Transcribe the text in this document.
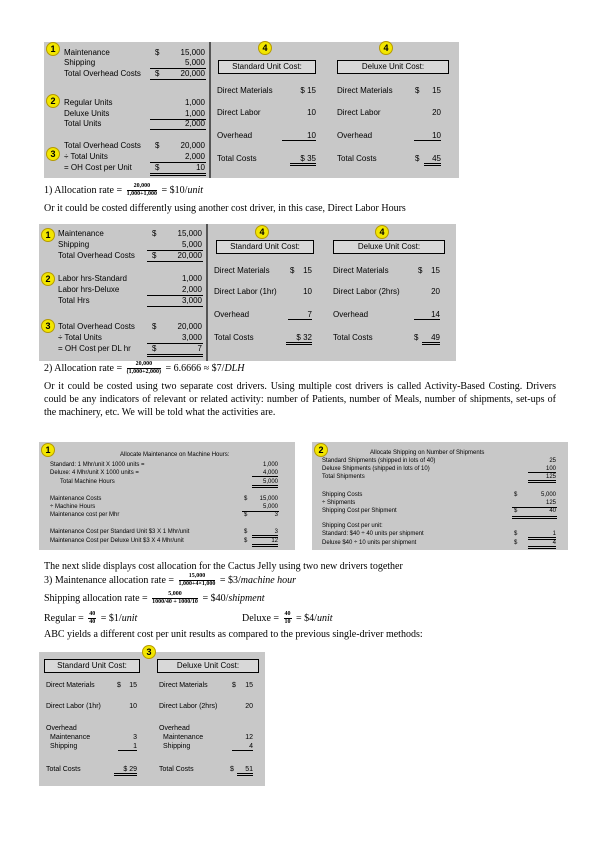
1	Maintenance	$	15,000
Shipping	5,000
Total Overhead Costs $	20,000
2	Regular Units	1,000
Deluxe Units	1,000
Total Units	2,000
3
Total Overhead Costs $	20,000
÷ Total Units	2,000
= OH Cost per Unit	$	10
4	4
Standard Unit Cost:	Deluxe Unit Cost:
Direct Materials	$ 15	Direct Materials	$	15
Direct Labor	10	Direct Labor	20
Overhead	10	Overhead	10
Total Costs	$ 35	Total Costs	$	45
1) Allocation rate = $\frac{20,000}{1,000+1,000}$ = $10/unit
Or it could be costed differently using another cost driver, in this case, Direct Labor Hours
1 Maintenance	$	15,000
Shipping	5,000
Total Overhead Costs $	20,000
2 Labor hrs-Standard	1,000
Labor hrs-Deluxe	2,000
Total Hrs	3,000
3 Total Overhead Costs $	20,000
÷ Total Units	3,000
= OH Cost per DL hr	$	7
4	4
Standard Unit Cost:	Deluxe Unit Cost:
Direct Materials	$	15	Direct Materials	$	15
Direct Labor (1hr)	10	Direct Labor (2hrs)	20
Overhead	7	Overhead	14
Total Costs	$ 32	Total Costs	$	49
2) Allocation rate = $\frac{20,000}{(1,000+2,000)} = 6.6666$ ≈ $7/DLH
Or it could be costed using two separate cost drivers. Using multiple cost drivers is called Activity-Based Costing. Drivers could be any indicators of relevant or related activity: number of Patients, number of Meals, number of shipments, set-ups of the machinery, etc. We will be told what the activities are.
1	Allocate Maintenance on Machine Hours:
Standard: 1 Mhr/unit X 1000 units =	1,000
Deluxe: 4 Mhr/unit X 1000 units =	4,000
Total Machine Hours	5,000
Maintenance Costs	$	15,000
÷ Machine Hours	5,000
Maintenance cost per Mhr	$	3
Maintenance Cost per Standard Unit $3 X 1 Mhr/unit	$	3
Maintenance Cost per Deluxe Unit $3 X 4 Mhr/unit	$	12
2	Allocate Shipping on Number of Shipments
Standard Shipments (shipped in lots of 40)	25
Deluxe Shipments (shipped in lots of 10)	100
Total Shipments	125
Shipping Costs	$	5,000
÷ Shipments	125
Shipping Cost per Shipment	$	40
Shipping Cost per unit:
Standard: $40 ÷ 40 units per shipment	$	1
Deluxe $40 ÷ 10 units per shipment	$	4
The next slide displays cost allocation for the Cactus Jelly using two new drivers together
3) Maintenance allocation rate = $\frac{15,000}{1,000+4\times 1,000}$ = $3/machine hour
Shipping allocation rate = $\frac{5,000}{1000/40 + 1000/10}$ = $40/shipment
Regular = $\frac{40}{40}$ = $1/unit	Deluxe = $\frac{40}{10}$ = $4/unit
ABC yields a different cost per unit results as compared to the previous single-driver methods:
3
Standard Unit Cost:	Deluxe Unit Cost:
Direct Materials	$	15	Direct Materials	$	15
Direct Labor (1hr)	10	Direct Labor (2hrs)	20
Overhead	Overhead
Maintenance	3	Maintenance	12
Shipping	1	Shipping	4
Total Costs	$ 29	Total Costs	$	51
